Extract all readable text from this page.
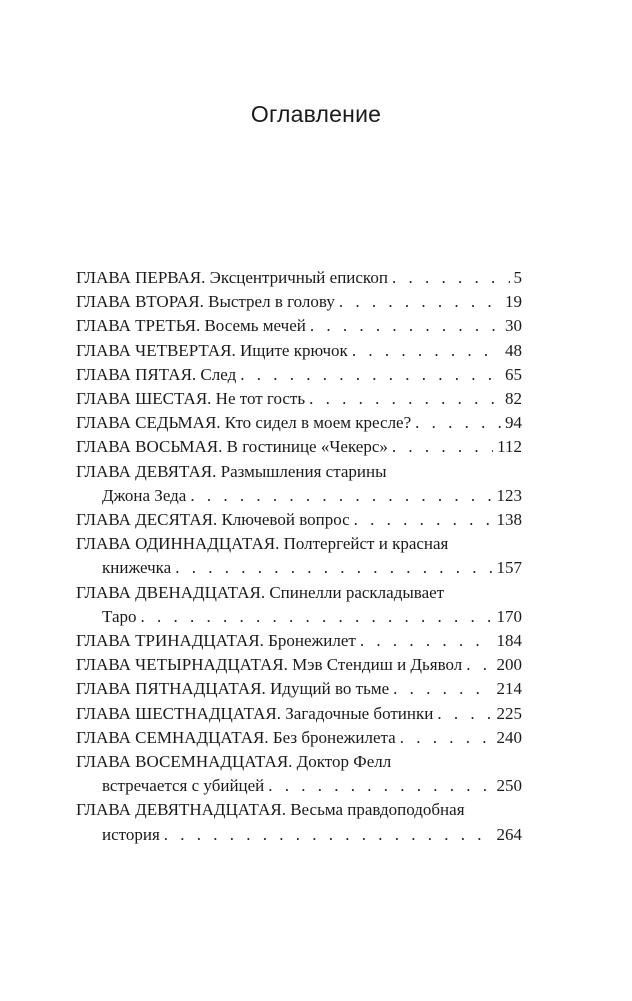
Оглавление
ГЛАВА ПЕРВАЯ. Эксцентричный епископ . . .	5
ГЛАВА ВТОРАЯ. Выстрел в голову . . .	19
ГЛАВА ТРЕТЬЯ. Восемь мечей . . .	30
ГЛАВА ЧЕТВЕРТАЯ. Ищите крючок . . .	48
ГЛАВА ПЯТАЯ. След . . .	65
ГЛАВА ШЕСТАЯ. Не тот гость . . .	82
ГЛАВА СЕДЬМАЯ. Кто сидел в моем кресле? . . .	94
ГЛАВА ВОСЬМАЯ. В гостинице «Чекерс» . . .	112
ГЛАВА ДЕВЯТАЯ. Размышления старины
Джона Зеда . . .	123
ГЛАВА ДЕСЯТАЯ. Ключевой вопрос . . .	138
ГЛАВА ОДИННАДЦАТАЯ. Полтергейст и красная
книжечка . . .	157
ГЛАВА ДВЕНАДЦАТАЯ. Спинелли раскладывает
Таро . . .	170
ГЛАВА ТРИНАДЦАТАЯ. Бронежилет . . .	184
ГЛАВА ЧЕТЫРНАДЦАТАЯ. Мэв Стендиш и Дьявол . . . 200
ГЛАВА ПЯТНАДЦАТАЯ. Идущий во тьме . . .	214
ГЛАВА ШЕСТНАДЦАТАЯ. Загадочные ботинки . . .	225
ГЛАВА СЕМНАДЦАТАЯ. Без бронежилета . . .	240
ГЛАВА ВОСЕМНАДЦАТАЯ. Доктор Фелл
встречается с убийцей . . .	250
ГЛАВА ДЕВЯТНАДЦАТАЯ. Весьма правдоподобная
история . . .	264
